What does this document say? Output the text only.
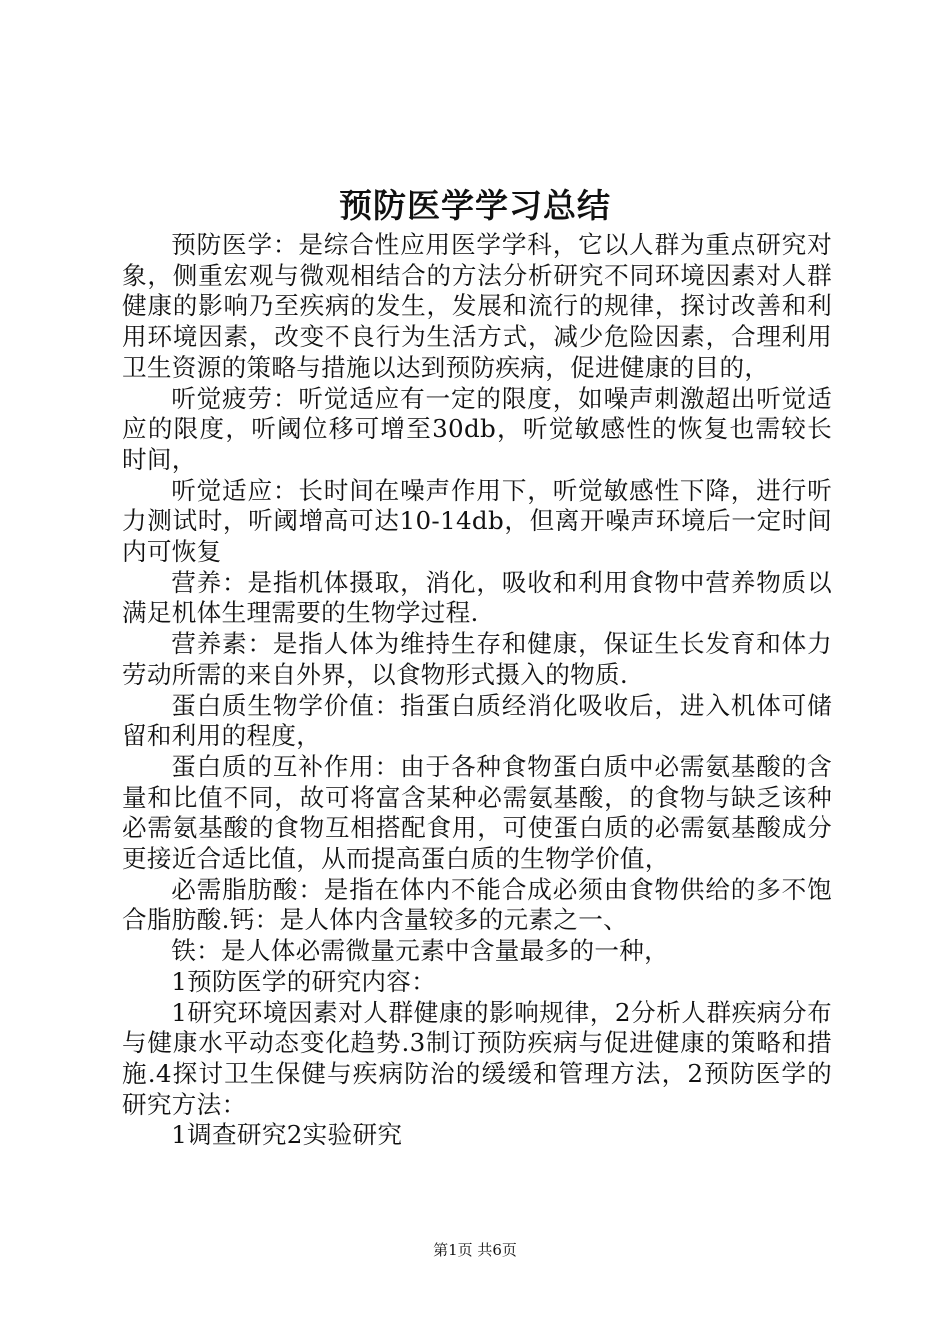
预防医学学习总结

预防医学：是综合性应用医学学科，它以人群为重点研究对象，侧重宏观与微观相结合的方法分析研究不同环境因素对人群健康的影响乃至疾病的发生，发展和流行的规律，探讨改善和利用环境因素，改变不良行为生活方式，减少危险因素，合理利用卫生资源的策略与措施以达到预防疾病，促进健康的目的，

听觉疲劳：听觉适应有一定的限度，如噪声刺激超出听觉适应的限度，听阈位移可增至30db，听觉敏感性的恢复也需较长时间，

听觉适应：长时间在噪声作用下，听觉敏感性下降，进行听力测试时，听阈增高可达10-14db，但离开噪声环境后一定时间内可恢复

营养：是指机体摄取，消化，吸收和利用食物中营养物质以满足机体生理需要的生物学过程.

营养素：是指人体为维持生存和健康，保证生长发育和体力劳动所需的来自外界，以食物形式摄入的物质.

蛋白质生物学价值：指蛋白质经消化吸收后，进入机体可储留和利用的程度，

蛋白质的互补作用：由于各种食物蛋白质中必需氨基酸的含量和比值不同，故可将富含某种必需氨基酸，的食物与缺乏该种必需氨基酸的食物互相搭配食用，可使蛋白质的必需氨基酸成分更接近合适比值，从而提高蛋白质的生物学价值，

必需脂肪酸：是指在体内不能合成必须由食物供给的多不饱合脂肪酸.钙：是人体内含量较多的元素之一、

铁：是人体必需微量元素中含量最多的一种，

1预防医学的研究内容：

1研究环境因素对人群健康的影响规律，2分析人群疾病分布与健康水平动态变化趋势.3制订预防疾病与促进健康的策略和措施.4探讨卫生保健与疾病防治的缓缓和管理方法，2预防医学的研究方法：

1调查研究2实验研究

第1页 共6页
